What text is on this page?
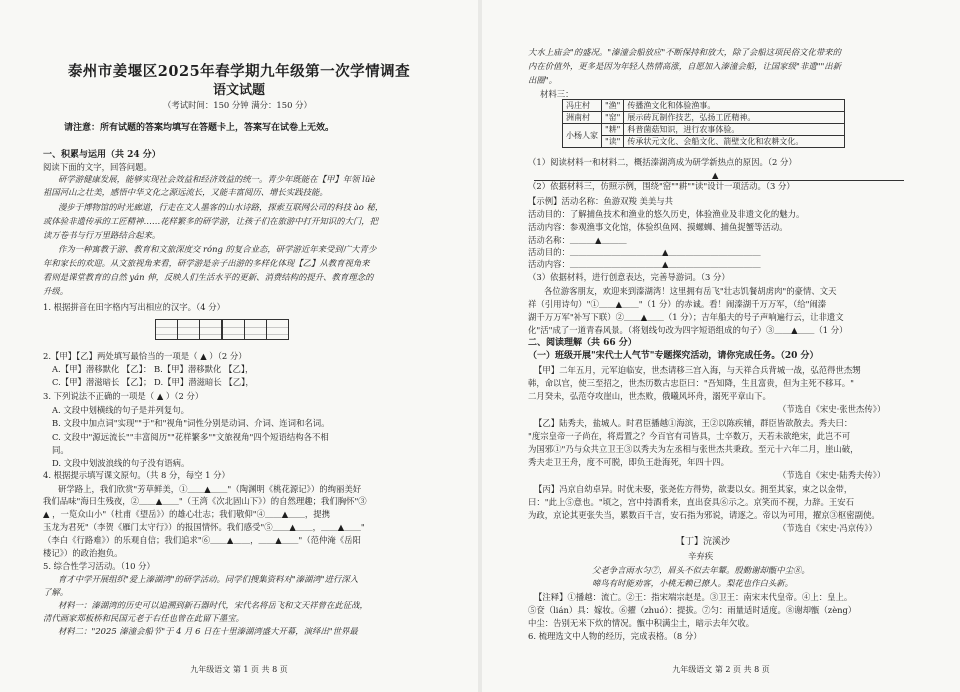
泰州市姜堰区2025年春学期九年级第一次学情调查
语文试题
（考试时间：150 分钟 满分：150 分）
请注意：所有试题的答案均填写在答题卡上，答案写在试卷上无效。
一、积累与运用（共 24 分）
阅读下面的文字，回答问题。
研学游健康发展，能够实现社会效益和经济效益的统一。青少年既能在【甲】年领 lüè
祖国河山之壮美，感悟中华文化之源远流长，又能丰富阅历、增长实践技能。
漫步于博物馆的时光廊道，行走在文人墨客的山水诗路，探索互联网公司的科技 ào 秘，
或体验非遗传承的工匠精神……花样繁多的研学游，让孩子们在旅游中打开知识的大门，把
读万卷书与行万里路结合起来。
作为一种寓教于游、教育和文旅深度交 róng 的复合业态，研学游近年来受到广大青少
年和家长的欢迎。从文旅视角来看，研学游是亲子出游的多样化体现【乙】从教育视角来
看则是课堂教育的自然 yán 伸，反映人们生活水平的更新、消费结构的提升、教育理念的
升级。
1. 根据拼音在田字格内写出相应的汉字。（4 分）
2.【甲】【乙】两处填写最恰当的一项是（ ▲ ）（2 分）
A.【甲】潜移默化 【乙】： B.【甲】潜移默化 【乙】，
C.【甲】潜滋暗长 【乙】； D.【甲】潜滋暗长 【乙】，
3. 下列说法不正确的一项是（ ▲ ）（2 分）
A. 文段中划横线的句子是并列复句。
B. 文段中加点词"实现""于"和"视角"词性分别是动词、介词、连词和名词。
C. 文段中"源远流长""丰富阅历""花样繁多""文旅视角"四个短语结构各不相
同。
D. 文段中划波浪线的句子没有语病。
4. 根据提示填写课文原句。（共 8 分，每空 1 分）
研学路上，我们欣赏"芳草鲜美，①＿＿▲＿＿"（陶渊明《桃花源记》）的绚丽美好
我们品味"海日生残夜，②＿＿▲＿＿"（王湾《次北固山下》）的自然理趣；我们胸怀"③
▲ ，一览众山小"（杜甫《望岳》）的雄心壮志；我们敬仰"④＿＿▲＿＿，提携
玉龙为君死"（李贺《雁门太守行》）的报国情怀。我们感受"⑤＿＿▲＿＿，＿＿▲＿＿"
（李白《行路难》）的乐观自信；我们追求"⑥＿＿▲＿＿，＿＿▲＿＿"（范仲淹《岳阳
楼记》）的政治抱负。
5. 综合性学习活动。（10 分）
育才中学开展组织"爱上溱湖湾"的研学活动。同学们搜集资料对"溱湖湾"进行深入
了解。
材料一：溱湖湾的历史可以追溯到新石器时代，宋代名将岳飞和文天祥曾在此征战，
清代画家郑板桥和民国元老于右任也曾在此留下墨宝。
材料二："2025 溱潼会船节"于 4 月 6 日在十里溱湖湾盛大开幕，演绎出"世界最
九年级语文 第 1 页 共 8 页
大水上庙会"的盛况。"溱潼会船放应"不断保持和放大，除了会船这项民俗文化带来的
内在价值外，更多是因为年轻人热情高涨，自愿加入溱潼会船，让国家级"非遗""出新
出圈"。
材料三：
冯庄村	"渔"	传播渔文化和体验渔事。
洲南村	"窑"	展示砖瓦制作技艺，弘扬工匠精神。
小杨人家	"耕"	科普菌菇知识，进行农事体验。
	"读"	传承状元文化、会船文化、箭壁文化和农耕文化。
（1）阅读材料一和材料二，概括溱湖湾成为研学新热点的原因。（2 分）
▲
（2）依据材料三，仿照示例，围绕"窑""耕""读"设计一项活动。（3 分）
【示例】活动名称：鱼游双羧 美美与共
活动目的：了解捕鱼技术和渔业的悠久历史，体验渔业及非遗文化的魅力。
活动内容：参观渔事文化馆，体验织鱼网、摸螺蛳、捕鱼捉蟹等活动。
活动名称：＿＿＿▲＿＿＿
活动目的：＿＿＿＿＿＿＿＿＿＿＿▲＿＿＿＿＿＿＿＿＿＿＿
活动内容：＿＿＿＿＿＿＿＿＿＿＿▲＿＿＿＿＿＿＿＿＿＿＿
（3）依据材料，进行创意表达，完善导游词。（3 分）
各位游客朋友，欢迎来到溱湖湾！这里拥有岳飞"壮志饥餐胡虏肉"的豪情、文天
祥（引用诗句）"①＿＿▲＿＿"（1 分）的赤诚。看！闹溱湖千万万军，（给"闹溱
湖千万万军"补写下联）②＿＿▲＿＿（1 分）；吉年船夫的号子声响遍行云，让非遗文
化"活"成了一道青春风景。（将划线句改为四字短语组成的句子）③＿＿▲＿＿（1 分）
二、阅读理解（共 66 分）
（一）班级开展"宋代士人气节"专题探究活动，请你完成任务。（20 分）
【甲】二年五月，元军迫临安，世杰请移三宫入海，与天祥合兵背城一战，弘范得世杰甥
韩，命以官，使三至招之，世杰历数古忠臣曰："吾知降，生且富贵，但为主死不移耳。"
二月癸未，弘范夺攻崖山，世杰败，俄曦风坏舟，溺死平章山下。
（节选自《宋史·张世杰传》）
【乙】陆秀夫，盐城人。时君臣播越①海滨，王②以陈疾辅，群臣皆欲散去。秀夫曰：
"度宗皇帝一子尚在，将焉置之？今百官有司皆具，士卒数万，天若未欲绝宋，此岂不可
为国邪①"乃与众共立卫王③以秀夫为左丞相与张世杰共秉政。至元十六年二月，崖山破，
秀夫走卫王舟，度不可脱，即负王赴海死，年四十四。
（节选自《宋史·陆秀夫传》）
【丙】冯京自幼卓异。时优未娶，张尧佐方得势，欲妻以女。拥至其家，束之以金带，
曰："此上⑤意也。"顷之，宫中持酒肴来，直出奁具⑥示之。京笑而不视，力辞。王安石
为政，京论其更张失当，累数百千言，安石指为邪说，请逐之。帝以为可用，擢京③枢密副使。
（节选自《宋史·冯京传》）
【丁】浣溪沙
辛弃疾
父老争言雨水匀⑦，眉头不似去年颦。殷勤谢却甑中尘⑧。
啼鸟有时能劝客，小桃无赖已撩人。梨花也作白头新。
【注释】①播越：流亡。②王：指宋端宗赵是。③卫王：南宋末代皇帝。④上：皇上。
⑤奁（lián）具：嫁妆。⑥擢（zhuó）：提拔。⑦匀：雨量适时适度。⑧谢却甑（zèng）
中尘：告别无米下炊的情况。甑中积满尘土，暗示去年欠收。
6. 梳理选文中人物的经历，完成表格。（8 分）
九年级语文 第 2 页 共 8 页
